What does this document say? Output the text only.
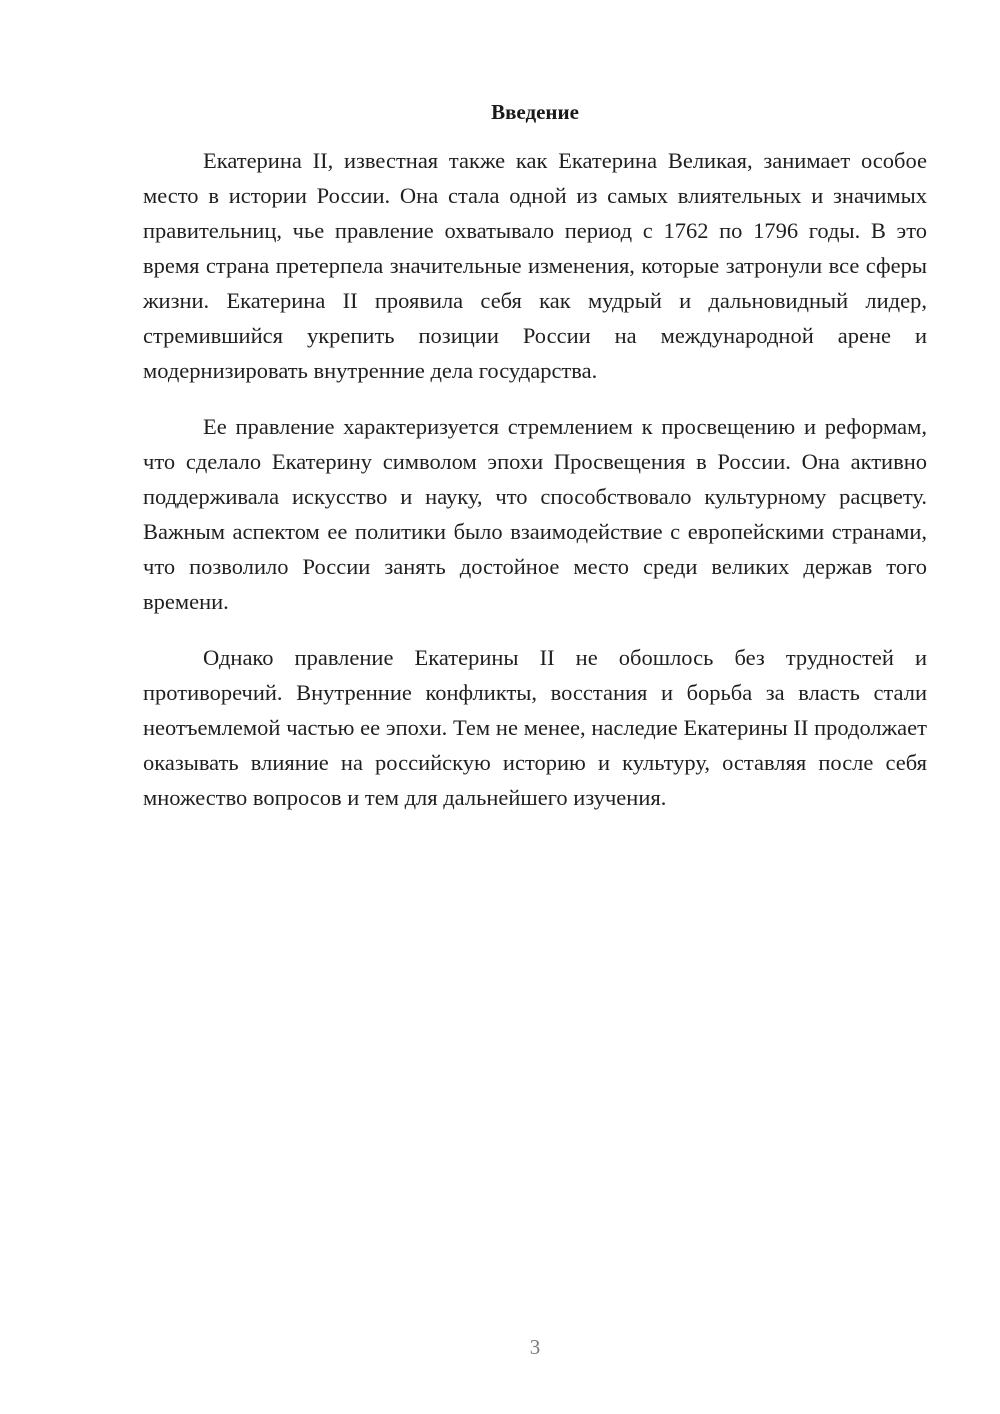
Введение

Екатерина II, известная также как Екатерина Великая, занимает особое место в истории России. Она стала одной из самых влиятельных и значимых правительниц, чье правление охватывало период с 1762 по 1796 годы. В это время страна претерпела значительные изменения, которые затронули все сферы жизни. Екатерина II проявила себя как мудрый и дальновидный лидер, стремившийся укрепить позиции России на международной арене и модернизировать внутренние дела государства.

Ее правление характеризуется стремлением к просвещению и реформам, что сделало Екатерину символом эпохи Просвещения в России. Она активно поддерживала искусство и науку, что способствовало культурному расцвету. Важным аспектом ее политики было взаимодействие с европейскими странами, что позволило России занять достойное место среди великих держав того времени.

Однако правление Екатерины II не обошлось без трудностей и противоречий. Внутренние конфликты, восстания и борьба за власть стали неотъемлемой частью ее эпохи. Тем не менее, наследие Екатерины II продолжает оказывать влияние на российскую историю и культуру, оставляя после себя множество вопросов и тем для дальнейшего изучения.

3
